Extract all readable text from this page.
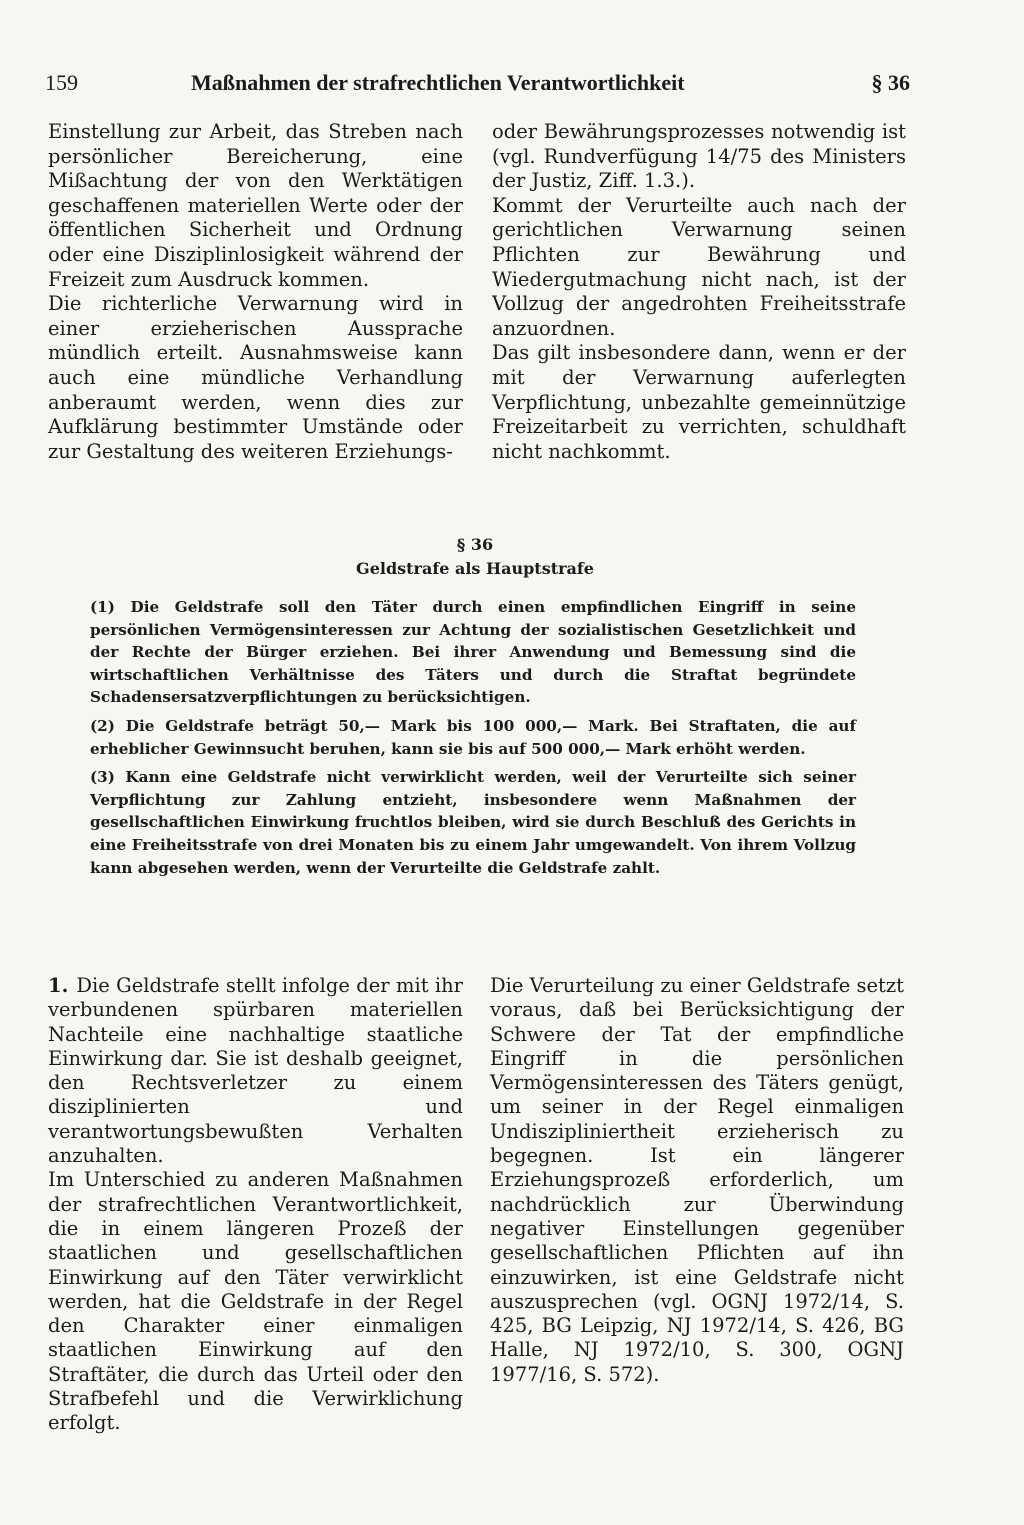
159	Maßnahmen der strafrechtlichen Verantwortlichkeit	§ 36

Einstellung zur Arbeit, das Streben nach persönlicher Bereicherung, eine Mißachtung der von den Werktätigen geschaffenen materiellen Werte oder der öffentlichen Sicherheit und Ordnung oder eine Disziplinlosigkeit während der Freizeit zum Ausdruck kommen.

Die richterliche Verwarnung wird in einer erzieherischen Aussprache mündlich erteilt. Ausnahmsweise kann auch eine mündliche Verhandlung anberaumt werden, wenn dies zur Aufklärung bestimmter Umstände oder zur Gestaltung des weiteren Erziehungs-

oder Bewährungsprozesses notwendig ist (vgl. Rundverfügung 14/75 des Ministers der Justiz, Ziff. 1.3.).

Kommt der Verurteilte auch nach der gerichtlichen Verwarnung seinen Pflichten zur Bewährung und Wiedergutmachung nicht nach, ist der Vollzug der angedrohten Freiheitsstrafe anzuordnen.

Das gilt insbesondere dann, wenn er der mit der Verwarnung auferlegten Verpflichtung, unbezahlte gemeinnützige Freizeitarbeit zu verrichten, schuldhaft nicht nachkommt.

§ 36
Geldstrafe als Hauptstrafe

(1) Die Geldstrafe soll den Täter durch einen empfindlichen Eingriff in seine persönlichen Vermögensinteressen zur Achtung der sozialistischen Gesetzlichkeit und der Rechte der Bürger erziehen. Bei ihrer Anwendung und Bemessung sind die wirtschaftlichen Verhältnisse des Täters und durch die Straftat begründete Schadensersatzverpflichtungen zu berücksichtigen.

(2) Die Geldstrafe beträgt 50,— Mark bis 100 000,— Mark. Bei Straftaten, die auf erheblicher Gewinnsucht beruhen, kann sie bis auf 500 000,— Mark erhöht werden.

(3) Kann eine Geldstrafe nicht verwirklicht werden, weil der Verurteilte sich seiner Verpflichtung zur Zahlung entzieht, insbesondere wenn Maßnahmen der gesellschaftlichen Einwirkung fruchtlos bleiben, wird sie durch Beschluß des Gerichts in eine Freiheitsstrafe von drei Monaten bis zu einem Jahr umgewandelt. Von ihrem Vollzug kann abgesehen werden, wenn der Verurteilte die Geldstrafe zahlt.

1. Die Geldstrafe stellt infolge der mit ihr verbundenen spürbaren materiellen Nachteile eine nachhaltige staatliche Einwirkung dar. Sie ist deshalb geeignet, den Rechtsverletzer zu einem disziplinierten und verantwortungsbewußten Verhalten anzuhalten.

Im Unterschied zu anderen Maßnahmen der strafrechtlichen Verantwortlichkeit, die in einem längeren Prozeß der staatlichen und gesellschaftlichen Einwirkung auf den Täter verwirklicht werden, hat die Geldstrafe in der Regel den Charakter einer einmaligen staatlichen Einwirkung auf den Straftäter, die durch das Urteil oder den Strafbefehl und die Verwirklichung erfolgt.

Die Verurteilung zu einer Geldstrafe setzt voraus, daß bei Berücksichtigung der Schwere der Tat der empfindliche Eingriff in die persönlichen Vermögensinteressen des Täters genügt, um seiner in der Regel einmaligen Undiszipliniertheit erzieherisch zu begegnen. Ist ein längerer Erziehungsprozeß erforderlich, um nachdrücklich zur Überwindung negativer Einstellungen gegenüber gesellschaftlichen Pflichten auf ihn einzuwirken, ist eine Geldstrafe nicht auszusprechen (vgl. OGNJ 1972/14, S. 425, BG Leipzig, NJ 1972/14, S. 426, BG Halle, NJ 1972/10, S. 300, OGNJ 1977/16, S. 572).
